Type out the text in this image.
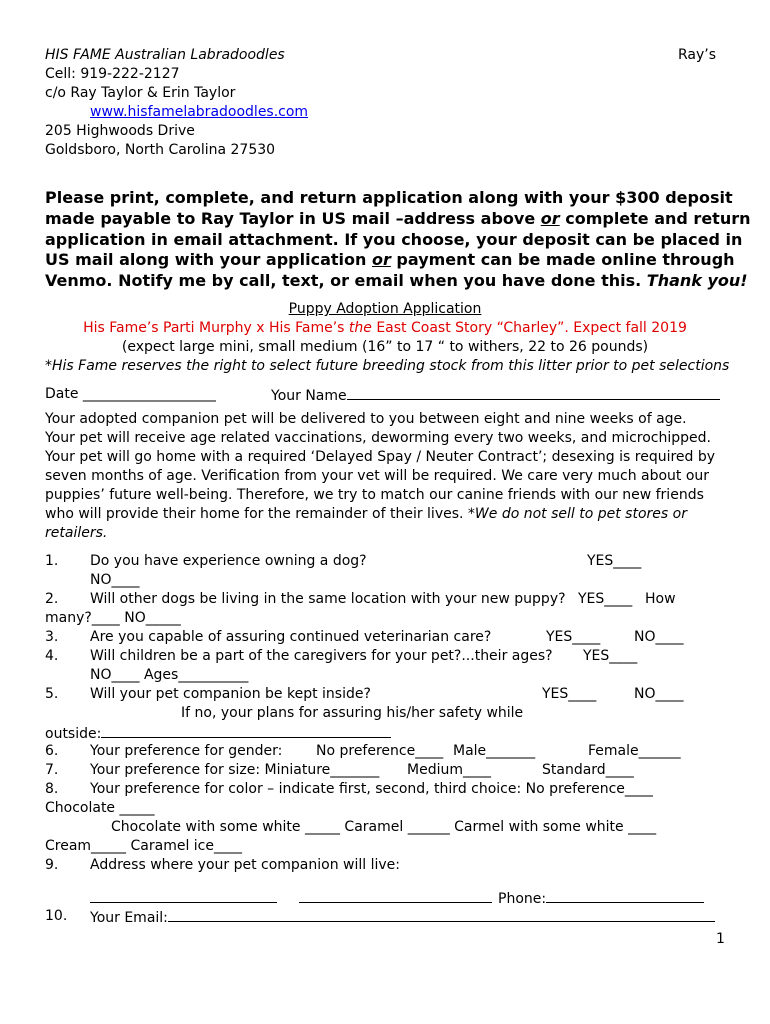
HIS FAME Australian Labradoodles	Ray’s
Cell: 919-222-2127
c/o Ray Taylor & Erin Taylor
www.hisfamelabradoodles.com
205 Highwoods Drive
Goldsboro, North Carolina 27530
Please print, complete, and return application along with your $300 deposit
made payable to Ray Taylor in US mail –address above or complete and return
application in email attachment. If you choose, your deposit can be placed in
US mail along with your application or payment can be made online through
Venmo. Notify me by call, text, or email when you have done this. Thank you!
Puppy Adoption Application
His Fame’s Parti Murphy x His Fame’s the East Coast Story “Charley”. Expect fall 2019
(expect large mini, small medium (16” to 17 “ to withers, 22 to 26 pounds)
*His Fame reserves the right to select future breeding stock from this litter prior to pet selections
Date ___________________	Your Name
Your adopted companion pet will be delivered to you between eight and nine weeks of age.
Your pet will receive age related vaccinations, deworming every two weeks, and microchipped.
Your pet will go home with a required ‘Delayed Spay / Neuter Contract’; desexing is required by
seven months of age. Verification from your vet will be required. We care very much about our
puppies’ future well-being. Therefore, we try to match our canine friends with our new friends
who will provide their home for the remainder of their lives. *We do not sell to pet stores or
retailers.
1. Do you have experience owning a dog?	YES____
NO____
2. Will other dogs be living in the same location with your new puppy? YES____ How
many?____ NO_____
3. Are you capable of assuring continued veterinarian care?	YES____ NO____
4. Will children be a part of the caregivers for your pet?...their ages? YES____
NO____ Ages__________
5. Will your pet companion be kept inside?	YES____	NO____
If no, your plans for assuring his/her safety while
outside:
6. Your preference for gender: No preference____ Male_______	Female______
7. Your preference for size: Miniature_______ Medium____	Standard____
8. Your preference for color – indicate first, second, third choice: No preference____
Chocolate _____
Chocolate with some white _____ Caramel ______ Carmel with some white ____
Cream_____ Caramel ice____
9. Address where your pet companion will live:
Phone:
10. Your Email:
1
